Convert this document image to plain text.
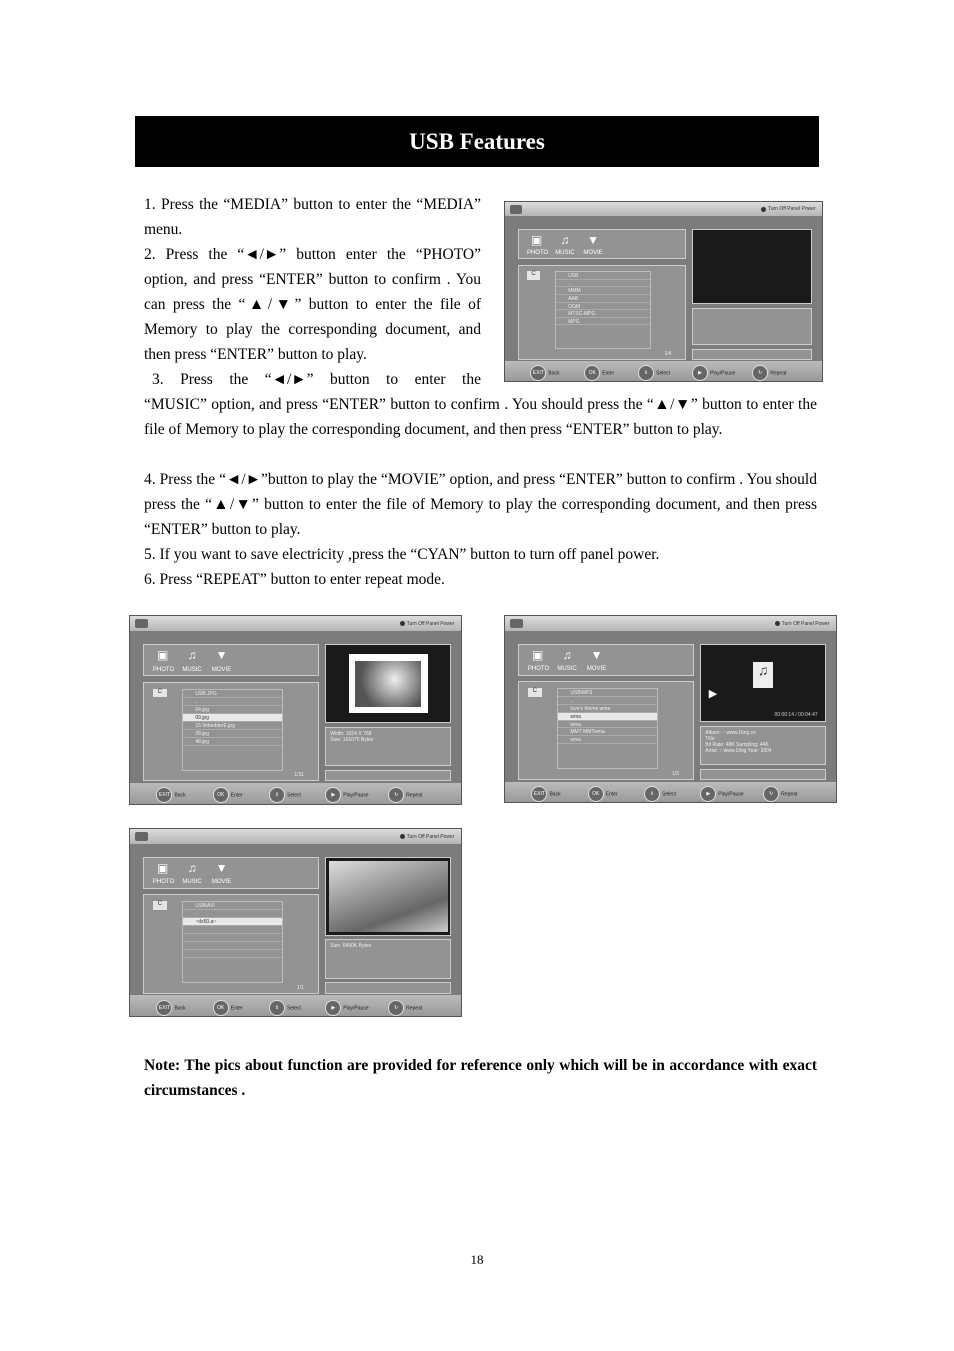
USB Features

1. Press the “MEDIA” button to enter the “MEDIA” menu.

2. Press the “◄/►” button enter the “PHOTO” option, and press “ENTER” button to confirm . You can press the “▲/▼” button to enter the file of Memory to play the corresponding document, and then press “ENTER” button to play.

3. Press the “◄/►” button to enter the

“MUSIC” option, and press “ENTER” button to confirm . You should press the “▲/▼” button to enter the file of Memory to play the corresponding document, and then press “ENTER” button to play.

4. Press the “◄/►”button to play the “MOVIE” option, and press “ENTER” button to confirm . You should press the “▲/▼” button to enter the file of Memory to play the corresponding document, and then press “ENTER” button to play.

5. If you want to save electricity ,press the “CYAN” button to turn off panel power.

6. Press “REPEAT” button to enter repeat mode.

Turn Off Panel Power
▣ ♫ ▼
PHOTO MUSIC MOVIE
C	USB
..
MMM
AAB
OGM
MTSC-MPG
MPG
1/4
EXIT Back	OK Enter	⇕ Select	▶ Play/Pause	↻ Repeat
Turn Off Panel Power
▣ ♫ ▼
PHOTO MUSIC MOVIE
C	USB JPG
..
04.jpg
09.jpg
15 ImbedderE.jpg
28.jpg
48.jpg
1/11
Width: 1024 X 768
Size: 161075 Bytes
EXIT Back	OK Enter	⇕ Select	▶ Play/Pause	↻ Repeat
Turn Off Panel Power
▣ ♫ ▼
PHOTO MUSIC MOVIE
C	USB\MP3
..
love's theme wma
wma
wma
MMT MMTwma
wma
1/3
♫
▶
00:00:14 / 00:04:47
Album: :: www.1ting.cn
Title:
Bit Rate: 48K Sampling: 44K
Artist: :: www.1ting Year: 2004
EXIT Back	OK Enter	⇕ Select	▶ Play/Pause	↻ Repeat
Turn Off Panel Power
▣ ♫ ▼
PHOTO MUSIC MOVIE
C	USB\AVI
..
~dx50.a~
1/1
Size: 6450K Bytes
EXIT Back	OK Enter	⇕ Select	▶ Play/Pause	↻ Repeat
Note: The pics about function are provided for reference only which will be in accordance with exact circumstances .
18
